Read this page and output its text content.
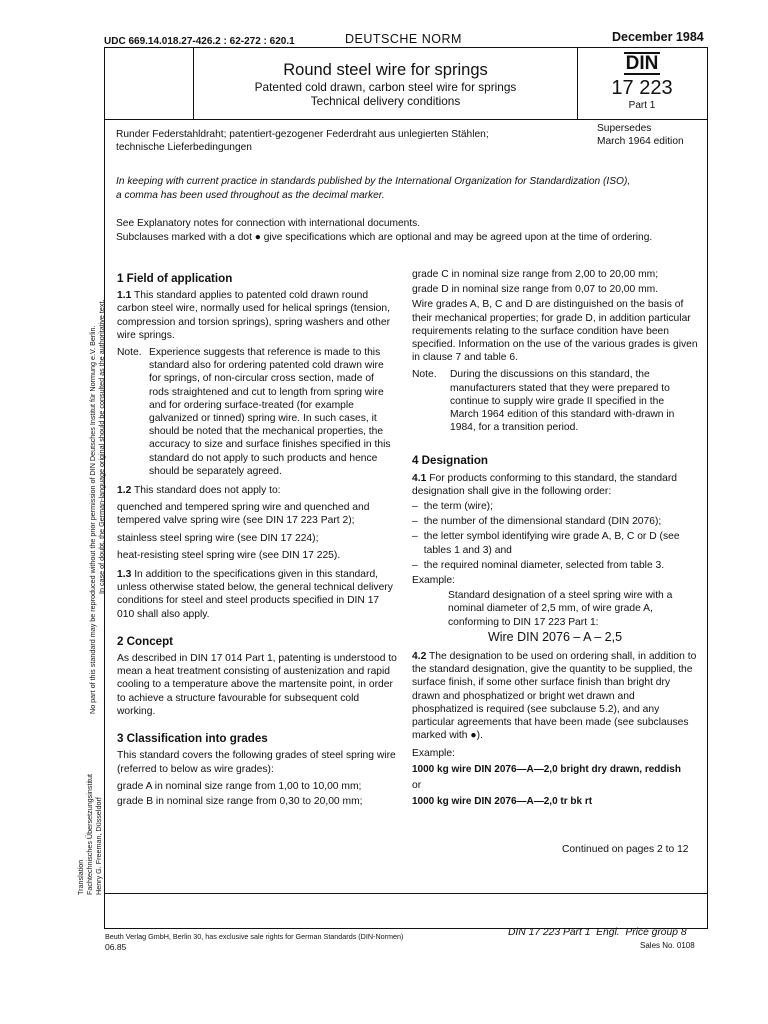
UDC 669.14.018.27-426.2 : 62-272 : 620.1	DEUTSCHE NORM	December 1984
Round steel wire for springs
Patented cold drawn, carbon steel wire for springs
Technical delivery conditions
DIN
17 223
Part 1
Runder Federstahldraht; patentiert-gezogener Federdraht aus unlegierten Stählen;
technische Lieferbedingungen
Supersedes
March 1964 edition
In keeping with current practice in standards published by the International Organization for Standardization (ISO),
a comma has been used throughout as the decimal marker.
See Explanatory notes for connection with international documents.
Subclauses marked with a dot ● give specifications which are optional and may be agreed upon at the time of ordering.

1 Field of application

1.1 This standard applies to patented cold drawn round carbon steel wire, normally used for helical springs (tension, compression and torsion springs), spring washers and other wire springs.

Note. Experience suggests that reference is made to this standard also for ordering patented cold drawn wire for springs, of non-circular cross section, made of rods straightened and cut to length from spring wire and for ordering surface-treated (for example galvanized or tinned) spring wire. In such cases, it should be noted that the mechanical properties, the accuracy to size and surface finishes specified in this standard do not apply to such products and hence should be separately agreed.

1.2 This standard does not apply to:

quenched and tempered spring wire and quenched and tempered valve spring wire (see DIN 17 223 Part 2);

stainless steel spring wire (see DIN 17 224);

heat-resisting steel spring wire (see DIN 17 225).

1.3 In addition to the specifications given in this standard, unless otherwise stated below, the general technical delivery conditions for steel and steel products specified in DIN 17 010 shall also apply.

2 Concept

As described in DIN 17 014 Part 1, patenting is understood to mean a heat treatment consisting of austenization and rapid cooling to a temperature above the martensite point, in order to achieve a structure favourable for subsequent cold working.

3 Classification into grades

This standard covers the following grades of steel spring wire (referred to below as wire grades):

grade A in nominal size range from 1,00 to 10,00 mm;

grade B in nominal size range from 0,30 to 20,00 mm;

grade C in nominal size range from 2,00 to 20,00 mm;

grade D in nominal size range from 0,07 to 20,00 mm.

Wire grades A, B, C and D are distinguished on the basis of their mechanical properties; for grade D, in addition particular requirements relating to the surface condition have been specified. Information on the use of the various grades is given in clause 7 and table 6.

Note.	During the discussions on this standard, the manufacturers stated that they were prepared to continue to supply wire grade II specified in the March 1964 edition of this standard with-drawn in 1984, for a transition period.

4 Designation

4.1 For products conforming to this standard, the standard designation shall give in the following order:

– the term (wire);
– the number of the dimensional standard (DIN 2076);
– the letter symbol identifying wire grade A, B, C or D (see tables 1 and 3) and
– the required nominal diameter, selected from table 3.

Example:

Standard designation of a steel spring wire with a nominal diameter of 2,5 mm, of wire grade A, conforming to DIN 17 223 Part 1:

Wire DIN 2076 – A – 2,5

4.2 The designation to be used on ordering shall, in addition to the standard designation, give the quantity to be supplied, the surface finish, if some other surface finish than bright dry drawn and phosphatized or bright wet drawn and phosphatized is required (see subclause 5.2), and any particular agreements that have been made (see subclauses marked with ●).

Example:

1000 kg wire DIN 2076—A—2,0 bright dry drawn, reddish

or

1000 kg wire DIN 2076—A—2,0 tr bk rt

Continued on pages 2 to 12
No part of this standard may be reproduced without the prior permission of DIN Deutsches Institut für Normung e.V. Berlin. In case of doubt, the German-language original should be consulted as the authoritative text.
Translation Fachtechnisches Übersetzungsinstitut Henry G. Freeman, Düsseldorf
Beuth Verlag GmbH, Berlin 30, has exclusive sale rights for German Standards (DIN-Normen)
06.85
DIN 17 223 Part 1  Engl.  Price group 8
Sales No. 0108
